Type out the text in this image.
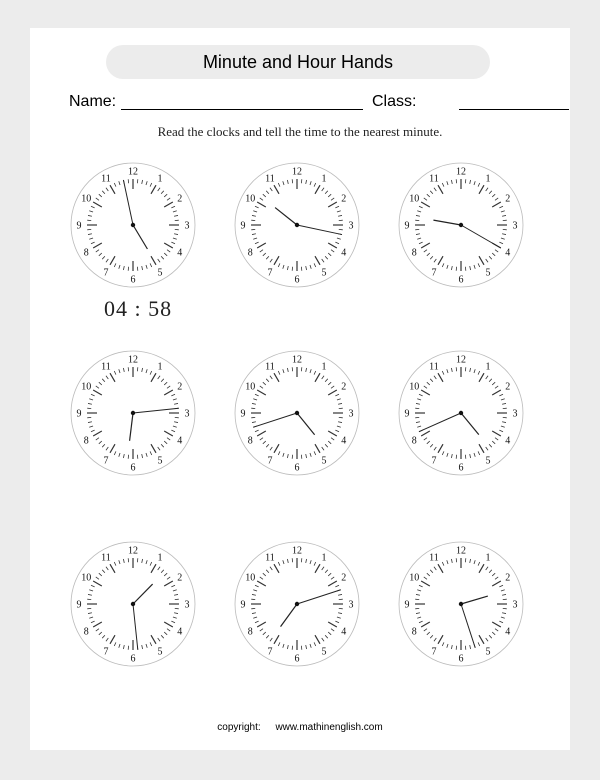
Minute and Hour Hands
Name:	Class:
Read the clocks and tell the time to the nearest minute.
12
1
2
3
4
5
6
7
8
9
10
11
12
1
2
3
4
5
6
7
8
9
10
11
12
1
2
3
4
5
6
7
8
9
10
11
04 : 58
12
1
2
3
4
5
6
7
8
9
10
11
12
1
2
3
4
5
6
7
8
9
10
11
12
1
2
3
4
5
6
7
8
9
10
11
12
1
2
3
4
5
6
7
8
9
10
11
12
1
2
3
4
5
6
7
8
9
10
11
12
1
2
3
4
5
6
7
8
9
10
11
copyright: www.mathinenglish.com
